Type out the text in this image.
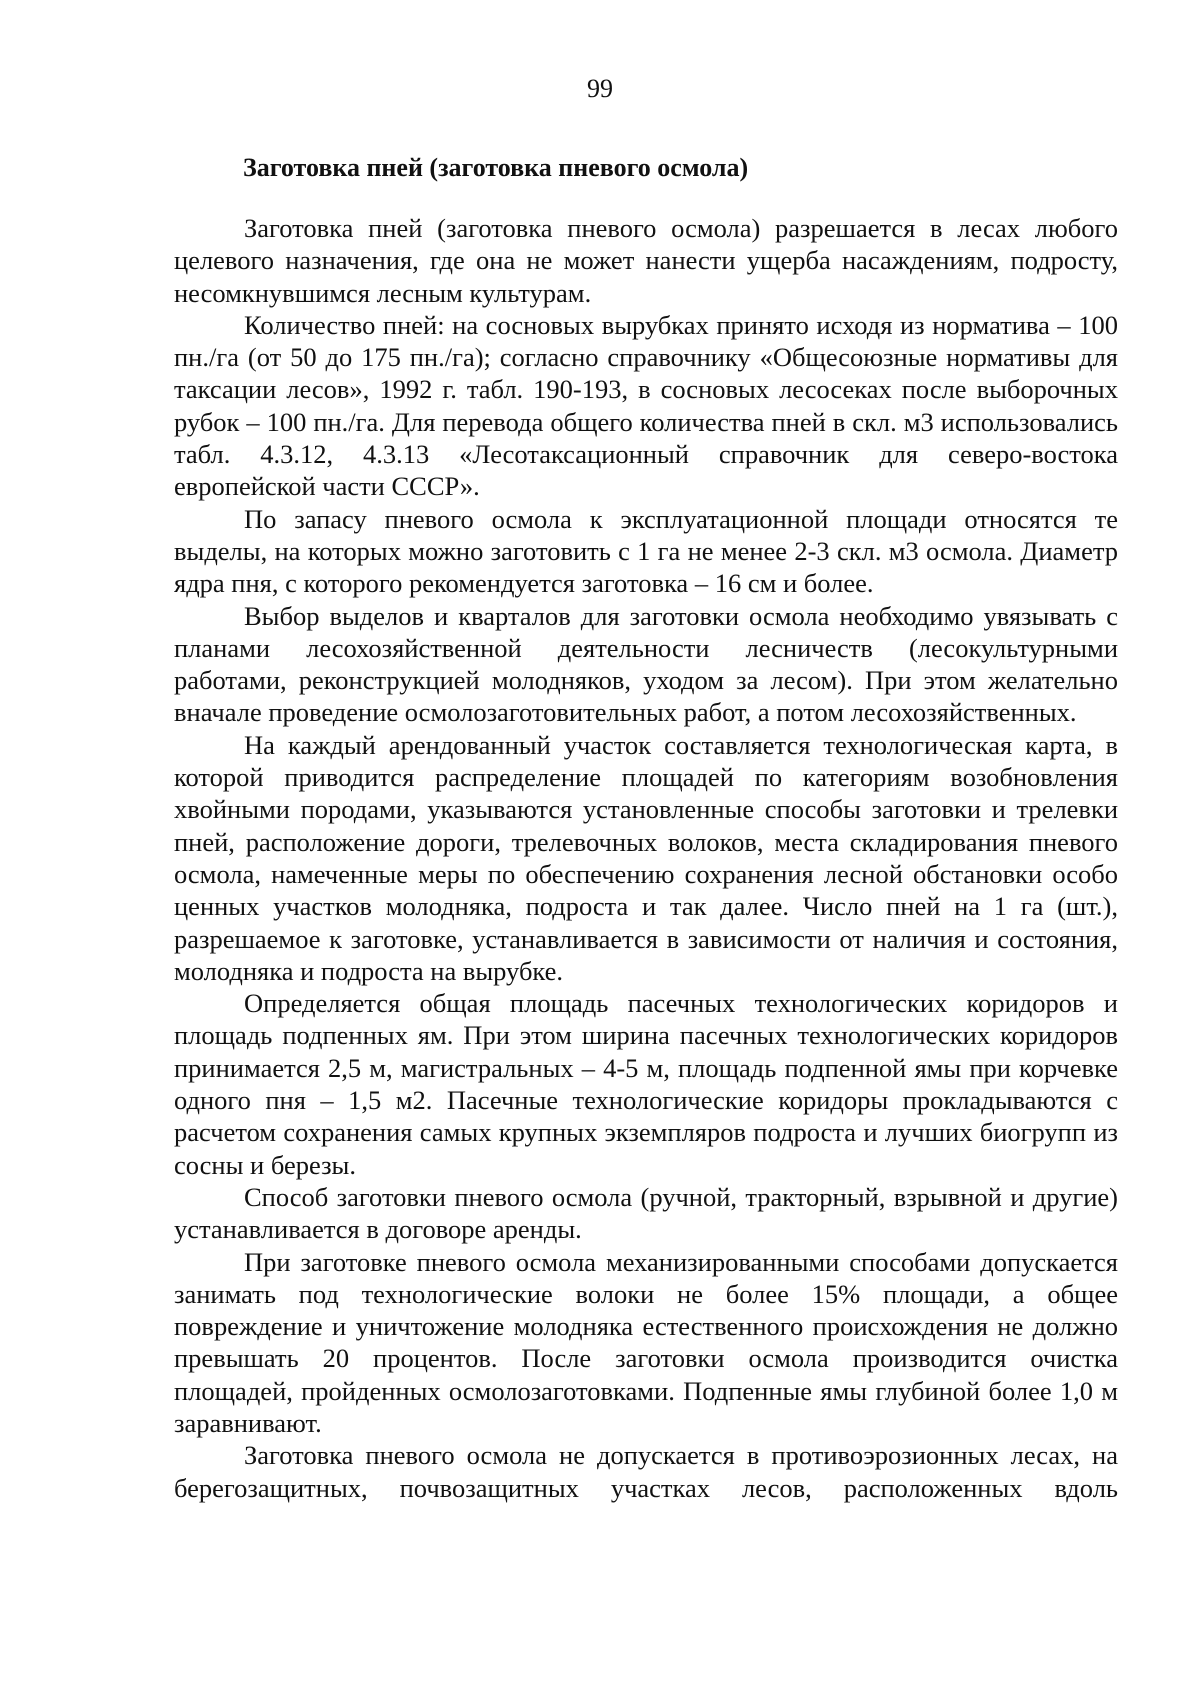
99
Заготовка пней (заготовка пневого осмола)

Заготовка пней (заготовка пневого осмола) разрешается в лесах любого целевого назначения, где она не может нанести ущерба насаждениям, подросту, несомкнувшимся лесным культурам.

Количество пней: на сосновых вырубках принято исходя из норматива – 100 пн./га (от 50 до 175 пн./га); согласно справочнику «Общесоюзные нормативы для таксации лесов», 1992 г. табл. 190-193, в сосновых лесосеках после выборочных рубок – 100 пн./га. Для перевода общего количества пней в скл. м3 использовались табл. 4.3.12, 4.3.13 «Лесотаксационный справочник для северо-востока европейской части СССР».

По запасу пневого осмола к эксплуатационной площади относятся те выделы, на которых можно заготовить с 1 га не менее 2-3 скл. м3 осмола. Диаметр ядра пня, с которого рекомендуется заготовка – 16 см и более.

Выбор выделов и кварталов для заготовки осмола необходимо увязывать с планами лесохозяйственной деятельности лесничеств (лесокультурными работами, реконструкцией молодняков, уходом за лесом). При этом желательно вначале проведение осмолозаготовительных работ, а потом лесохозяйственных.

На каждый арендованный участок составляется технологическая карта, в которой приводится распределение площадей по категориям возобновления хвойными породами, указываются установленные способы заготовки и трелевки пней, расположение дороги, трелевочных волоков, места складирования пневого осмола, намеченные меры по обеспечению сохранения лесной обстановки особо ценных участков молодняка, подроста и так далее. Число пней на 1 га (шт.), разрешаемое к заготовке, устанавливается в зависимости от наличия и состояния, молодняка и подроста на вырубке.

Определяется общая площадь пасечных технологических коридоров и площадь подпенных ям. При этом ширина пасечных технологических коридоров принимается 2,5 м, магистральных – 4-5 м, площадь подпенной ямы при корчевке одного пня – 1,5 м2. Пасечные технологические коридоры прокладываются с расчетом сохранения самых крупных экземпляров подроста и лучших биогрупп из сосны и березы.

Способ заготовки пневого осмола (ручной, тракторный, взрывной и другие) устанавливается в договоре аренды.

При заготовке пневого осмола механизированными способами допускается занимать под технологические волоки не более 15% площади, а общее повреждение и уничтожение молодняка естественного происхождения не должно превышать 20 процентов. После заготовки осмола производится очистка площадей, пройденных осмолозаготовками. Подпенные ямы глубиной более 1,0 м заравнивают.

Заготовка пневого осмола не допускается в противоэрозионных лесах, на берегозащитных, почвозащитных участках лесов, расположенных вдоль
